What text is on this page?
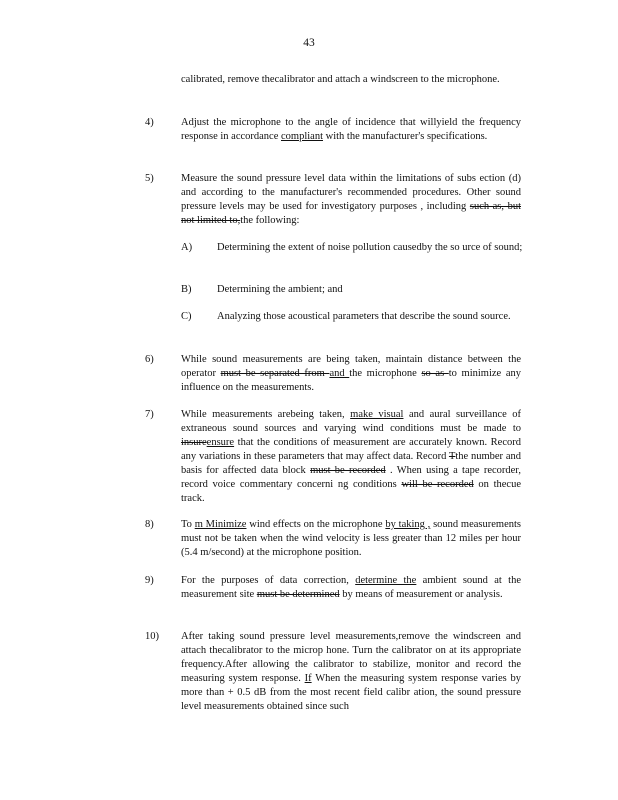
43
calibrated, remove thecalibrator and attach a windscreen to the microphone.
4)	Adjust the microphone to the angle of incidence that willyield the frequency response in accordance compliant with the manufacturer's specifications.
5)	Measure the sound pressure level data within the limitations of subs ection (d) and according to the manufacturer's recommended procedures. Other sound pressure levels may be used for investigatory purposes , including such as, but not limited to,the following:
A) Determining the extent of noise pollution causedby the so urce of sound;
B) Determining the ambient; and
C) Analyzing those acoustical parameters that describe the sound source.
6)	While sound measurements are being taken, maintain distance between the operator must be separated from and the microphone so as to minimize any influence on the measurements.
7)	While measurements arebeing taken, make visual and aural surveillance of extraneous sound sources and varying wind conditions must be made to insureensure that the conditions of measurement are accurately known. Record any variations in these parameters that may affect data. Record Tthe number and basis for affected data block must be recorded . When using a tape recorder, record voice commentary concerni ng conditions will be recorded on thecue track.
8)	To m Minimize wind effects on the microphone by taking , sound measurements must not be taken when the wind velocity is less greater than 12 miles per hour (5.4 m/second) at the microphone position.
9)	For the purposes of data correction, determine the ambient sound at the measurement site must be determined by means of measurement or analysis.
10) After taking sound pressure level measurements,remove the windscreen and attach thecalibrator to the microp hone. Turn the calibrator on at its appropriate frequency.After allowing the calibrator to stabilize, monitor and record the measuring system response. If When the measuring system response varies by more than + 0.5 dB from the most recent field calibr ation, the sound pressure level measurements obtained since such
